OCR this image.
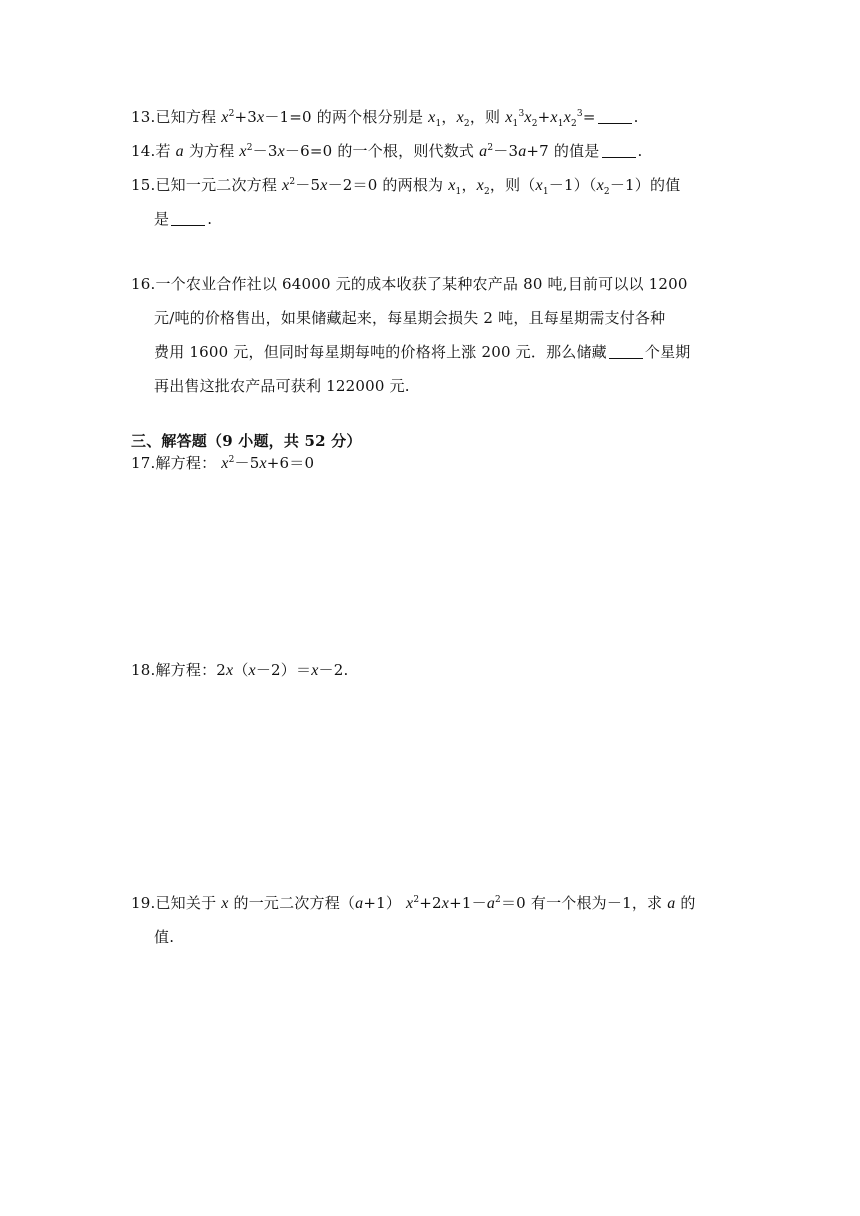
13.已知方程 $x^2+3x-1=0$ 的两个根分别是 $x_1$，$x_2$，则 $x_1^3x_2+x_1x_2^3=$	.
14.若 a 为方程 $x^2-3x-6=0$ 的一个根，则代数式 $a^2-3a+7$ 的值是	.
15.已知一元二次方程 $x^2-5x-2=0$ 的两根为 $x_1$，$x_2$，则$(x_1-1)(x_2-1)$的值
是	.
16.一个农业合作社以 64000 元的成本收获了某种农产品 80 吨,目前可以以 1200
元/吨的价格售出，如果储藏起来，每星期会损失 2 吨，且每星期需支付各种
费用 1600 元，但同时每星期每吨的价格将上涨 200 元．那么储藏	个星期
再出售这批农产品可获利 122000 元.
三、解答题（9 小题，共 52 分）
17.解方程： $x^2-5x+6=0$
18.解方程：2x（x－2）＝x－2.
19.已知关于 x 的一元二次方程（a+1） $x^2+2x+1-a^2=0$ 有一个根为－1，求 a 的
值.
